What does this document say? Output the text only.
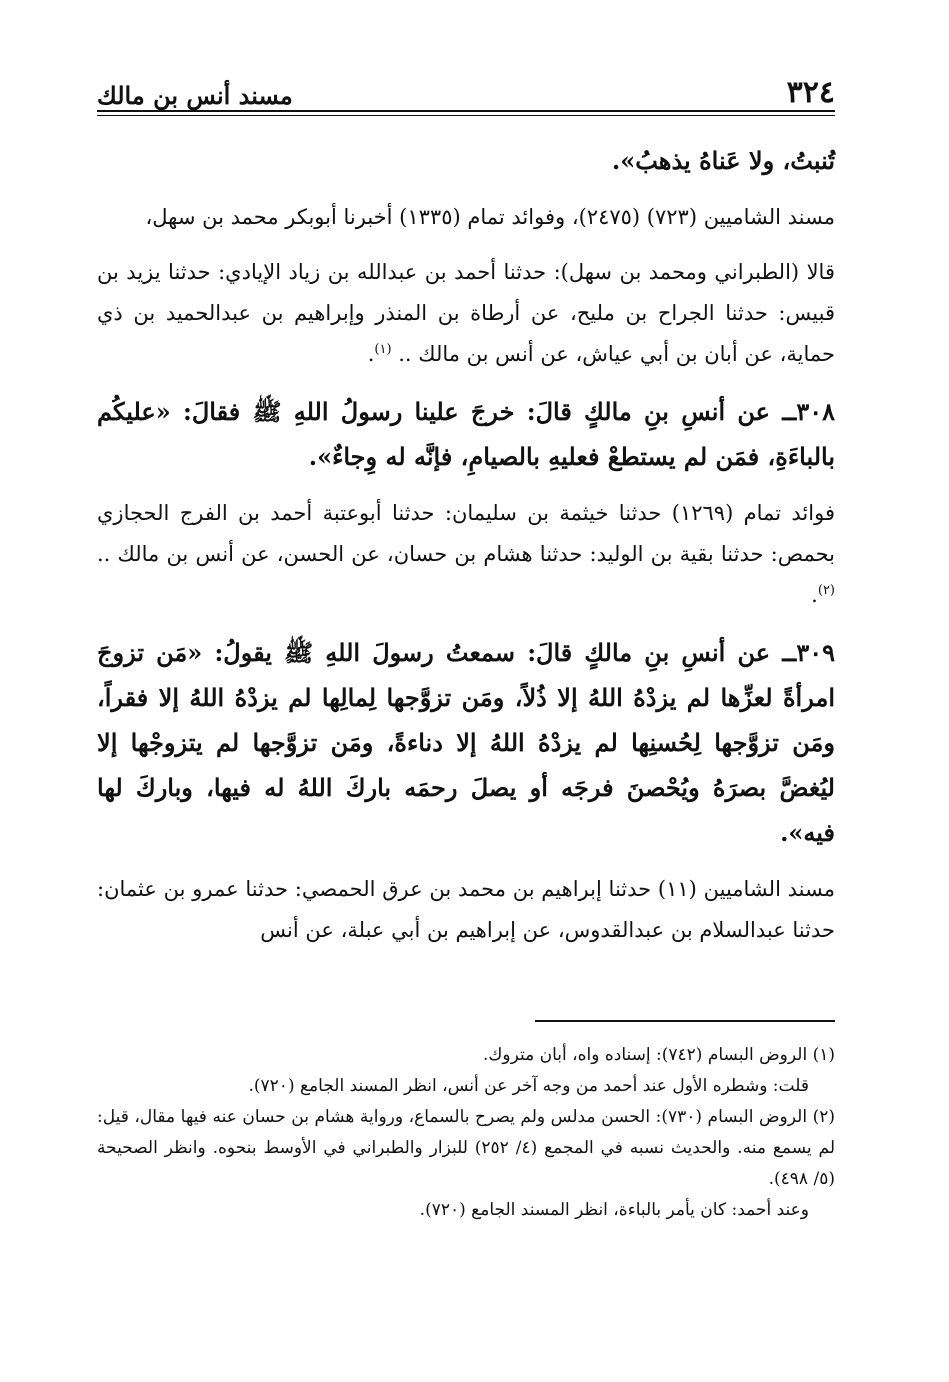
٣٢٤
مسند أنس بن مالك

تُنبتُ، ولا عَناهُ يذهبُ».

مسند الشاميين (٧٢٣) (٢٤٧٥)، وفوائد تمام (١٣٣٥) أخبرنا أبوبكر محمد بن سهل،

قالا (الطبراني ومحمد بن سهل): حدثنا أحمد بن عبدالله بن زياد الإيادي: حدثنا يزيد بن قبيس: حدثنا الجراح بن مليح، عن أرطاة بن المنذر وإبراهيم بن عبدالحميد بن ذي حماية، عن أبان بن أبي عياش، عن أنس بن مالك .. $^{(١)}$.

٣٠٨ــ عن أنسِ بنِ مالكٍ قالَ: خرجَ علينا رسولُ اللهِ ﷺ فقالَ: «عليكُم بالباءَةِ، فمَن لم يستطعْ فعليهِ بالصيامِ، فإنَّه له وِجاءٌ».

فوائد تمام (١٢٦٩) حدثنا خيثمة بن سليمان: حدثنا أبوعتبة أحمد بن الفرج الحجازي بحمص: حدثنا بقية بن الوليد: حدثنا هشام بن حسان، عن الحسن، عن أنس بن مالك .. $^{(٢)}$.

٣٠٩ــ عن أنسِ بنِ مالكٍ قالَ: سمعتُ رسولَ اللهِ ﷺ يقولُ: «مَن تزوجَ امرأةً لعزِّها لم يزدْهُ اللهُ إلا ذُلاً، ومَن تزوَّجها لِمالِها لم يزدْهُ اللهُ إلا فقراً، ومَن تزوَّجها لِحُسنِها لم يزدْهُ اللهُ إلا دناءةً، ومَن تزوَّجها لم يتزوجْها إلا ليُغضَّ بصرَهُ ويُحْصنَ فرجَه أو يصلَ رحمَه باركَ اللهُ له فيها، وباركَ لها فيه».

مسند الشاميين (١١) حدثنا إبراهيم بن محمد بن عرق الحمصي: حدثنا عمرو بن عثمان: حدثنا عبدالسلام بن عبدالقدوس، عن إبراهيم بن أبي عبلة، عن أنس

(١) الروض البسام (٧٤٢): إسناده واه، أبان متروك.

قلت: وشطره الأول عند أحمد من وجه آخر عن أنس، انظر المسند الجامع (٧٢٠).

(٢) الروض البسام (٧٣٠): الحسن مدلس ولم يصرح بالسماع، ورواية هشام بن حسان عنه فيها مقال، قيل: لم يسمع منه. والحديث نسبه في المجمع (٤/ ٢٥٢) للبزار والطبراني في الأوسط بنحوه. وانظر الصحيحة (٥/ ٤٩٨).

وعند أحمد: كان يأمر بالباءة، انظر المسند الجامع (٧٢٠).
